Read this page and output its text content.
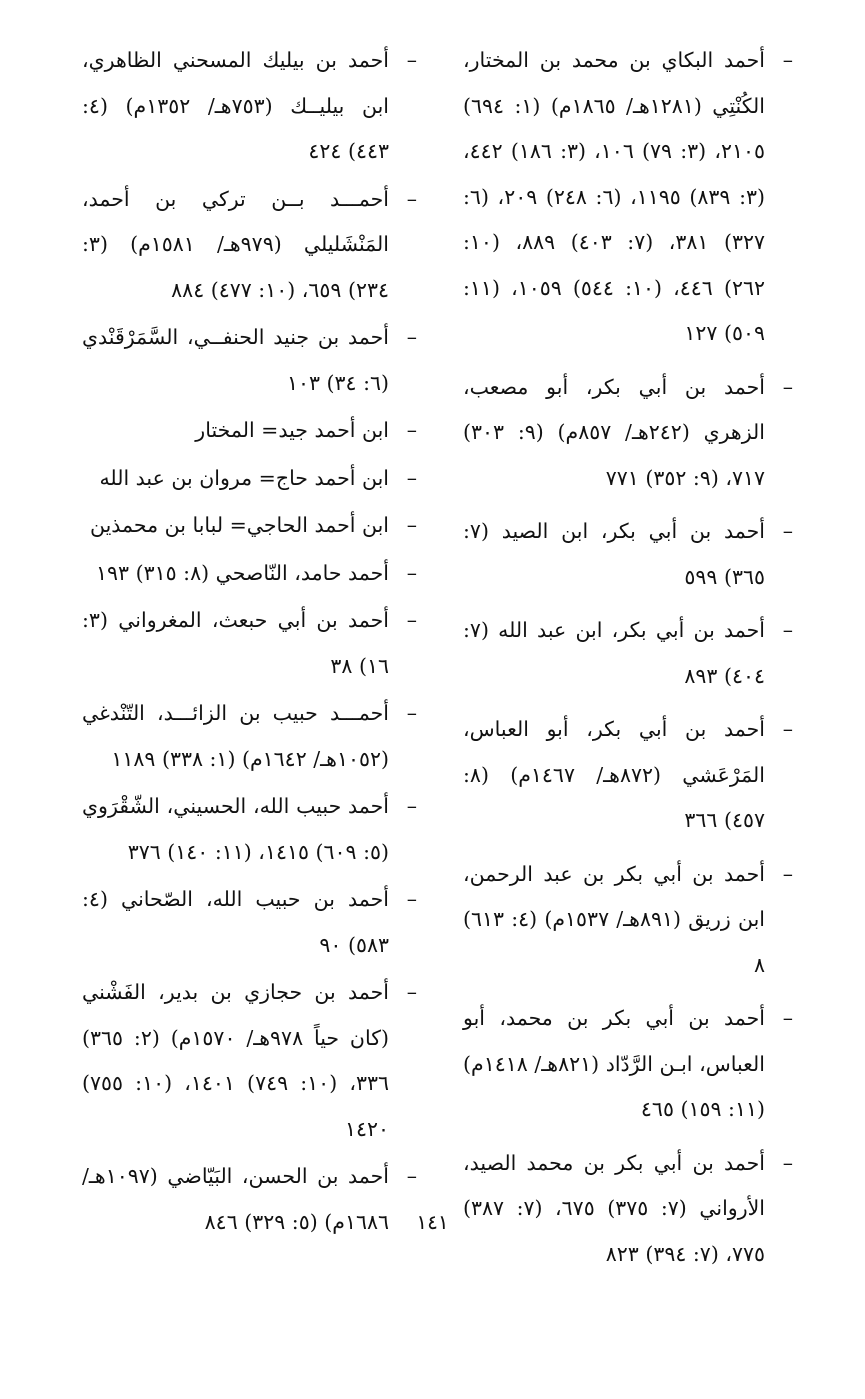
–
أحمد البكاي بن محمد بن المختار، الكُنْتِي (١٢٨١هـ/ ١٨٦٥م) (١: ٦٩٤) ٢١٠٥، (٣: ٧٩) ١٠٦، (٣: ١٨٦) ٤٤٢، (٣: ٨٣٩) ١١٩٥، (٦: ٢٤٨) ٢٠٩، (٦: ٣٢٧) ٣٨١، (٧: ٤٠٣) ٨٨٩، (١٠: ٢٦٢) ٤٤٦، (١٠: ٥٤٤) ١٠٥٩، (١١: ٥٠٩) ١٢٧
–
أحمد بن أبي بكر، أبو مصعب، الزهري (٢٤٢هـ/ ٨٥٧م) (٩: ٣٠٣) ٧١٧، (٩: ٣٥٢) ٧٧١
–
أحمد بن أبي بكر، ابن الصيد (٧: ٣٦٥) ٥٩٩
–
أحمد بن أبي بكر، ابن عبد الله (٧: ٤٠٤) ٨٩٣
–
أحمد بن أبي بكر، أبو العباس، المَرْعَشي (٨٧٢هـ/ ١٤٦٧م) (٨: ٤٥٧) ٣٦٦
–
أحمد بن أبي بكر بن عبد الرحمن، ابن زريق (٨٩١هـ/ ١٥٣٧م) (٤: ٦١٣) ٨
–
أحمد بن أبي بكر بن محمد، أبو العباس، ابـن الرَّدّاد (٨٢١هـ/ ١٤١٨م) (١١: ١٥٩) ٤٦٥
–
أحمد بن أبي بكر بن محمد الصيد، الأرواني (٧: ٣٧٥) ٦٧٥، (٧: ٣٨٧) ٧٧٥، (٧: ٣٩٤) ٨٢٣
–
أحمد بن بيليك المسحني الظاهري، ابن بيليــك (٧٥٣هـ/ ١٣٥٢م) (٤: ٤٤٣) ٤٢٤
–
أحمـــد بــن تركي بن أحمد، المَنْشَليلي (٩٧٩هـ/ ١٥٨١م) (٣: ٢٣٤) ٦٥٩، (١٠: ٤٧٧) ٨٨٤
–
أحمد بن جنيد الحنفــي، السَّمَرْقَنْدي (٦: ٣٤) ١٠٣
–
ابن أحمد جيد= المختار
–
ابن أحمد حاج= مروان بن عبد الله
–
ابن أحمد الحاجي= لبابا بن محمذين
–
أحمد حامد، النّاصحي (٨: ٣١٥) ١٩٣
–
أحمد بن أبي حبعث، المغرواني (٣: ١٦) ٣٨
–
أحمـــد حبيب بن الزائـــد، التّنْدغي (١٠٥٢هـ/ ١٦٤٢م) (١: ٣٣٨) ١١٨٩
–
أحمد حبيب الله، الحسيني، الشّقْرَوي (٥: ٦٠٩) ١٤١٥، (١١: ١٤٠) ٣٧٦
–
أحمد بن حبيب الله، الصّحاني (٤: ٥٨٣) ٩٠
–
أحمد بن حجازي بن بدير، الفَشْني (كان حياً ٩٧٨هـ/ ١٥٧٠م) (٢: ٣٦٥) ٣٣٦، (١٠: ٧٤٩) ١٤٠١، (١٠: ٧٥٥) ١٤٢٠
–
أحمد بن الحسن، البَيّاضي (١٠٩٧هـ/ ١٦٨٦م) (٥: ٣٢٩) ٨٤٦	١٤١
